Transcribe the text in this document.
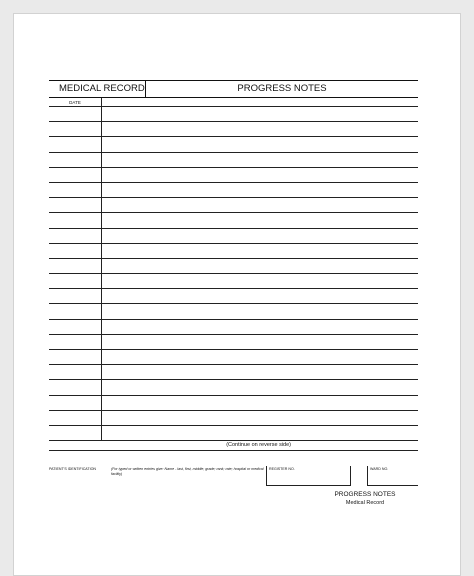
MEDICAL RECORD	PROGRESS NOTES
DATE
(Continue on reverse side)
PATIENT'S IDENTIFICATION	(For typed or written entries give: Name - last, first, middle; grade; rank; rate; hospital or medical facility)
REGISTER NO.	WARD NO.
PROGRESS NOTES
Medical Record
